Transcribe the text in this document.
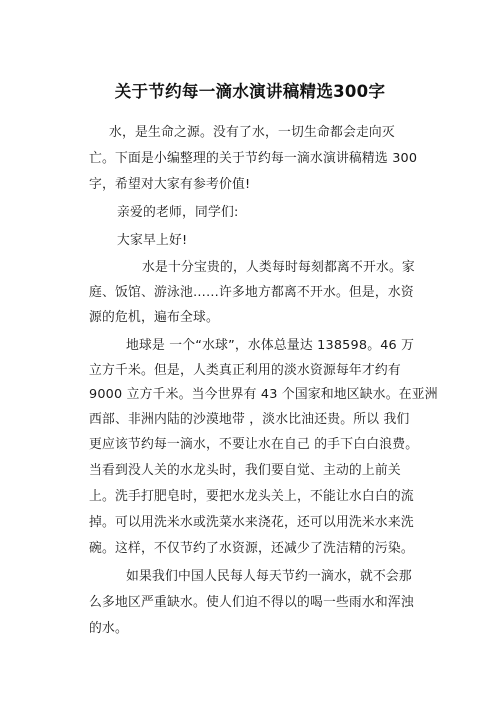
关于节约每一滴水演讲稿精选300字
水，是生命之源。没有了水，一切生命都会走向灭
亡。下面是小编整理的关于节约每一滴水演讲稿精选 300
字，希望对大家有参考价值!
亲爱的老师，同学们:
大家早上好!
水是十分宝贵的，人类每时每刻都离不开水。家
庭、饭馆、游泳池……许多地方都离不开水。但是，水资
源的危机，遍布全球。
地球是 一个“水球”，水体总量达 138598。46 万
立方千米。但是，人类真正利用的淡水资源每年才约有
9000 立方千米。当今世界有 43 个国家和地区缺水。在亚洲
西部、非洲内陆的沙漠地带 ，淡水比油还贵。所以 我们
更应该节约每一滴水，不要让水在自己 的手下白白浪费。
当看到没人关的水龙头时，我们要自觉、主动的上前关
上。洗手打肥皂时，要把水龙头关上，不能让水白白的流
掉。可以用洗米水或洗菜水来浇花，还可以用洗米水来洗
碗。这样，不仅节约了水资源，还减少了洗洁精的污染。
如果我们中国人民每人每天节约一滴水，就不会那
么多地区严重缺水。使人们迫不得以的喝一些雨水和浑浊
的水。
